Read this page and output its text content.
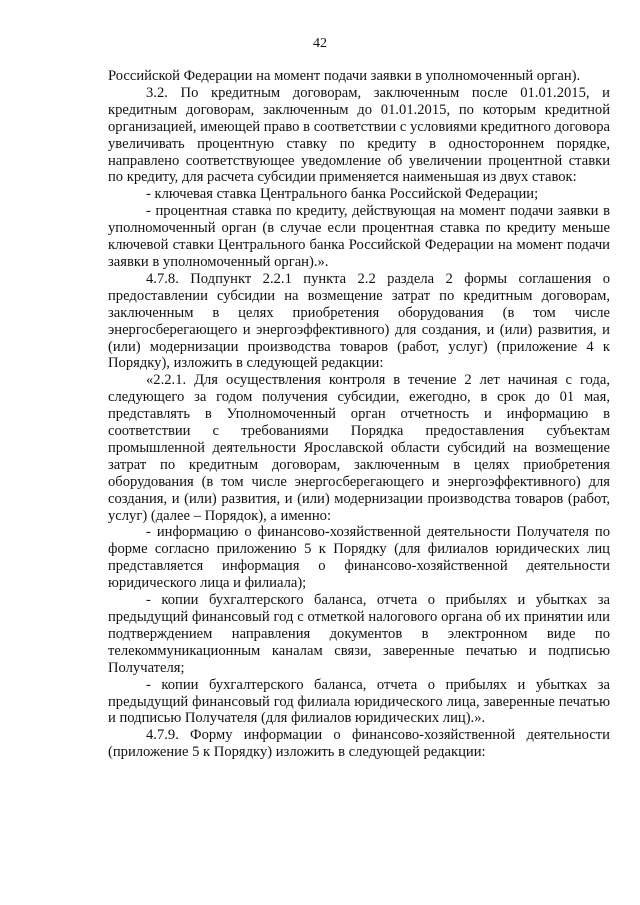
42

Российской Федерации на момент подачи заявки в уполномоченный орган).

3.2. По кредитным договорам, заключенным после 01.01.2015, и кредитным договорам, заключенным до 01.01.2015, по которым кредитной организацией, имеющей право в соответствии с условиями кредитного договора увеличивать процентную ставку по кредиту в одностороннем порядке, направлено соответствующее уведомление об увеличении процентной ставки по кредиту, для расчета субсидии применяется наименьшая из двух ставок:

- ключевая ставка Центрального банка Российской Федерации;

- процентная ставка по кредиту, действующая на момент подачи заявки в уполномоченный орган (в случае если процентная ставка по кредиту меньше ключевой ставки Центрального банка Российской Федерации на момент подачи заявки в уполномоченный орган).».

4.7.8. Подпункт 2.2.1 пункта 2.2 раздела 2 формы соглашения о предоставлении субсидии на возмещение затрат по кредитным договорам, заключенным в целях приобретения оборудования (в том числе энергосберегающего и энергоэффективного) для создания, и (или) развития, и (или) модернизации производства товаров (работ, услуг) (приложение 4 к Порядку), изложить в следующей редакции:

«2.2.1. Для осуществления контроля в течение 2 лет начиная с года, следующего за годом получения субсидии, ежегодно, в срок до 01 мая, представлять в Уполномоченный орган отчетность и информацию в соответствии с требованиями Порядка предоставления субъектам промышленной деятельности Ярославской области субсидий на возмещение затрат по кредитным договорам, заключенным в целях приобретения оборудования (в том числе энергосберегающего и энергоэффективного) для создания, и (или) развития, и (или) модернизации производства товаров (работ, услуг) (далее – Порядок), а именно:

- информацию о финансово-хозяйственной деятельности Получателя по форме согласно приложению 5 к Порядку (для филиалов юридических лиц представляется информация о финансово-хозяйственной деятельности юридического лица и филиала);

- копии бухгалтерского баланса, отчета о прибылях и убытках за предыдущий финансовый год с отметкой налогового органа об их принятии или подтверждением направления документов в электронном виде по телекоммуникационным каналам связи, заверенные печатью и подписью Получателя;

- копии бухгалтерского баланса, отчета о прибылях и убытках за предыдущий финансовый год филиала юридического лица, заверенные печатью и подписью Получателя (для филиалов юридических лиц).».

4.7.9. Форму информации о финансово-хозяйственной деятельности (приложение 5 к Порядку) изложить в следующей редакции:
